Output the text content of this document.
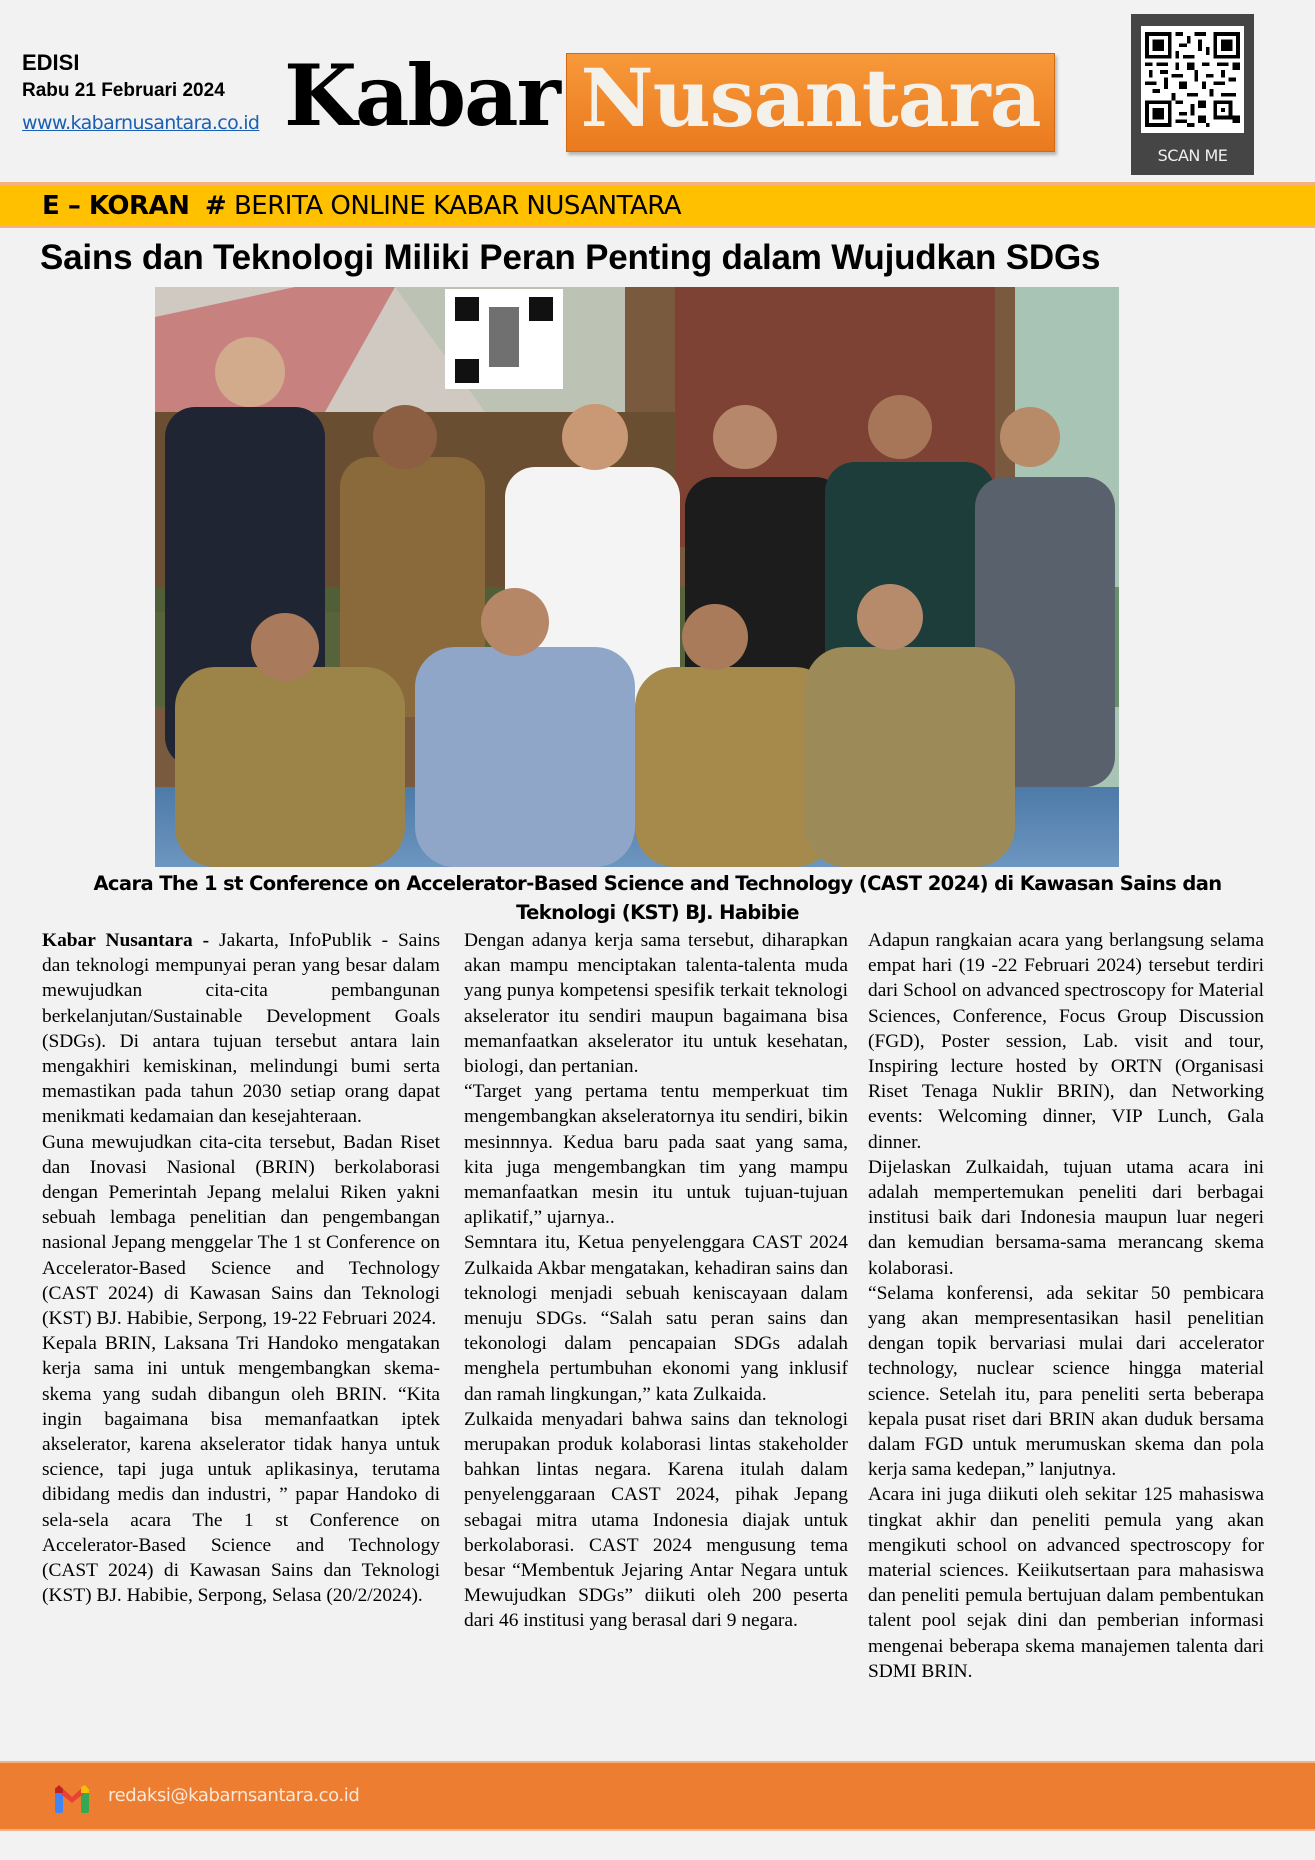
EDISI
Rabu 21 Februari 2024
www.kabarnusantara.co.id Kabar Nusantara
SCAN ME
E – KORAN # BERITA ONLINE KABAR NUSANTARA
Sains dan Teknologi Miliki Peran Penting dalam Wujudkan SDGs
Acara The 1 st Conference on Accelerator-Based Science and Technology (CAST 2024) di Kawasan Sains dan Teknologi (KST) BJ. Habibie

Kabar Nusantara - Jakarta, InfoPublik - Sains dan teknologi mempunyai peran yang besar dalam mewujudkan cita-cita pembangunan berkelanjutan/Sustainable Development Goals (SDGs). Di antara tujuan tersebut antara lain mengakhiri kemiskinan, melindungi bumi serta memastikan pada tahun 2030 setiap orang dapat menikmati kedamaian dan kesejahteraan.

Guna mewujudkan cita-cita tersebut, Badan Riset dan Inovasi Nasional (BRIN) berkolaborasi dengan Pemerintah Jepang melalui Riken yakni sebuah lembaga penelitian dan pengembangan nasional Jepang menggelar The 1 st Conference on Accelerator-Based Science and Technology (CAST 2024) di Kawasan Sains dan Teknologi (KST) BJ. Habibie, Serpong, 19-22 Februari 2024.

Kepala BRIN, Laksana Tri Handoko mengatakan kerja sama ini untuk mengembangkan skema-skema yang sudah dibangun oleh BRIN. “Kita ingin bagaimana bisa memanfaatkan iptek akselerator, karena akselerator tidak hanya untuk science, tapi juga untuk aplikasinya, terutama dibidang medis dan industri, ” papar Handoko di sela-sela acara The 1 st Conference on Accelerator-Based Science and Technology (CAST 2024) di Kawasan Sains dan Teknologi (KST) BJ. Habibie, Serpong, Selasa (20/2/2024).

Dengan adanya kerja sama tersebut, diharapkan akan mampu menciptakan talenta-talenta muda yang punya kompetensi spesifik terkait teknologi akselerator itu sendiri maupun bagaimana bisa memanfaatkan akselerator itu untuk kesehatan, biologi, dan pertanian.

“Target yang pertama tentu memperkuat tim mengembangkan akseleratornya itu sendiri, bikin mesinnnya. Kedua baru pada saat yang sama, kita juga mengembangkan tim yang mampu memanfaatkan mesin itu untuk tujuan-tujuan aplikatif,” ujarnya..

Semntara itu, Ketua penyelenggara CAST 2024 Zulkaida Akbar mengatakan, kehadiran sains dan teknologi menjadi sebuah keniscayaan dalam menuju SDGs. “Salah satu peran sains dan tekonologi dalam pencapaian SDGs adalah menghela pertumbuhan ekonomi yang inklusif dan ramah lingkungan,” kata Zulkaida.

Zulkaida menyadari bahwa sains dan teknologi merupakan produk kolaborasi lintas stakeholder bahkan lintas negara. Karena itulah dalam penyelenggaraan CAST 2024, pihak Jepang sebagai mitra utama Indonesia diajak untuk berkolaborasi. CAST 2024 mengusung tema besar “Membentuk Jejaring Antar Negara untuk Mewujudkan SDGs” diikuti oleh 200 peserta dari 46 institusi yang berasal dari 9 negara.

Adapun rangkaian acara yang berlangsung selama empat hari (19 -22 Februari 2024) tersebut terdiri dari School on advanced spectroscopy for Material Sciences, Conference, Focus Group Discussion (FGD), Poster session, Lab. visit and tour, Inspiring lecture hosted by ORTN (Organisasi Riset Tenaga Nuklir BRIN), dan Networking events: Welcoming dinner, VIP Lunch, Gala dinner.

Dijelaskan Zulkaidah, tujuan utama acara ini adalah mempertemukan peneliti dari berbagai institusi baik dari Indonesia maupun luar negeri dan kemudian bersama-sama merancang skema kolaborasi.

“Selama konferensi, ada sekitar 50 pembicara yang akan mempresentasikan hasil penelitian dengan topik bervariasi mulai dari accelerator technology, nuclear science hingga material science. Setelah itu, para peneliti serta beberapa kepala pusat riset dari BRIN akan duduk bersama dalam FGD untuk merumuskan skema dan pola kerja sama kedepan,” lanjutnya.

Acara ini juga diikuti oleh sekitar 125 mahasiswa tingkat akhir dan peneliti pemula yang akan mengikuti school on advanced spectroscopy for material sciences. Keiikutsertaan para mahasiswa dan peneliti pemula bertujuan dalam pembentukan talent pool sejak dini dan pemberian informasi mengenai beberapa skema manajemen talenta dari SDMI BRIN.

redaksi@kabarnsantara.co.id
